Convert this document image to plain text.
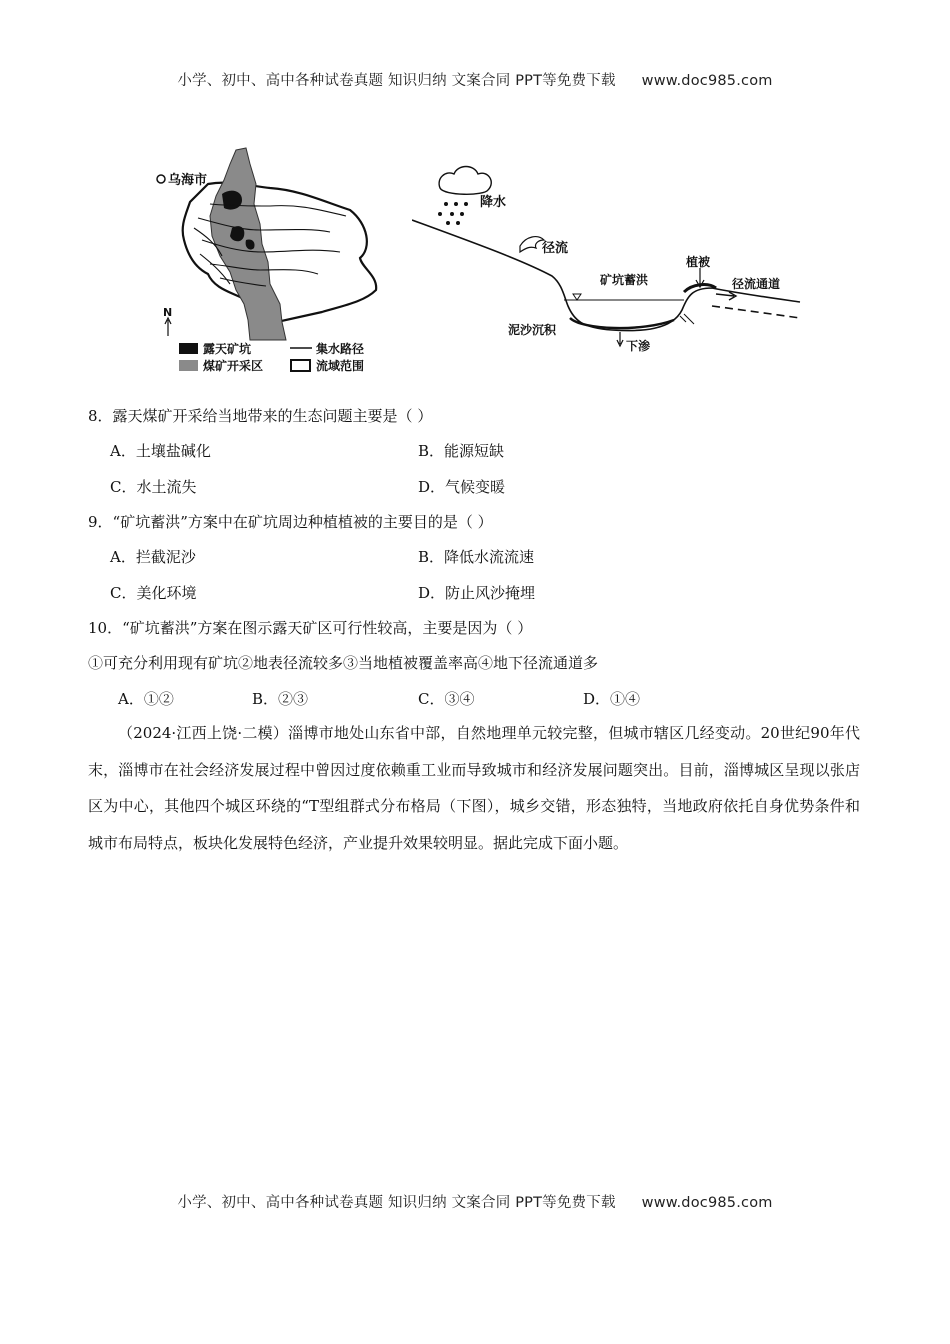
小学、初中、高中各种试卷真题 知识归纳 文案合同 PPT等免费下载 www.doc985.com
乌海市
N
露天矿坑	集水路径
煤矿开采区	流域范围
降水
径流
矿坑蓄洪
泥沙沉积
下渗
植被
径流通道
8．露天煤矿开采给当地带来的生态问题主要是（ ）
A．土壤盐碱化	B．能源短缺
C．水土流失	D．气候变暖
9．“矿坑蓄洪”方案中在矿坑周边种植植被的主要目的是（ ）
A．拦截泥沙	B．降低水流流速
C．美化环境	D．防止风沙掩埋
10．“矿坑蓄洪”方案在图示露天矿区可行性较高，主要是因为（ ）
①可充分利用现有矿坑②地表径流较多③当地植被覆盖率高④地下径流通道多
A．①②	B．②③	C．③④	D．①④

（2024·江西上饶·二模）淄博市地处山东省中部，自然地理单元较完整，但城市辖区几经变动。20世纪90年代末，淄博市在社会经济发展过程中曾因过度依赖重工业而导致城市和经济发展问题突出。目前，淄博城区呈现以张店区为中心，其他四个城区环绕的“T型组群式分布格局（下图），城乡交错，形态独特，当地政府依托自身优势条件和城市布局特点，板块化发展特色经济，产业提升效果较明显。据此完成下面小题。

小学、初中、高中各种试卷真题 知识归纳 文案合同 PPT等免费下载 www.doc985.com
